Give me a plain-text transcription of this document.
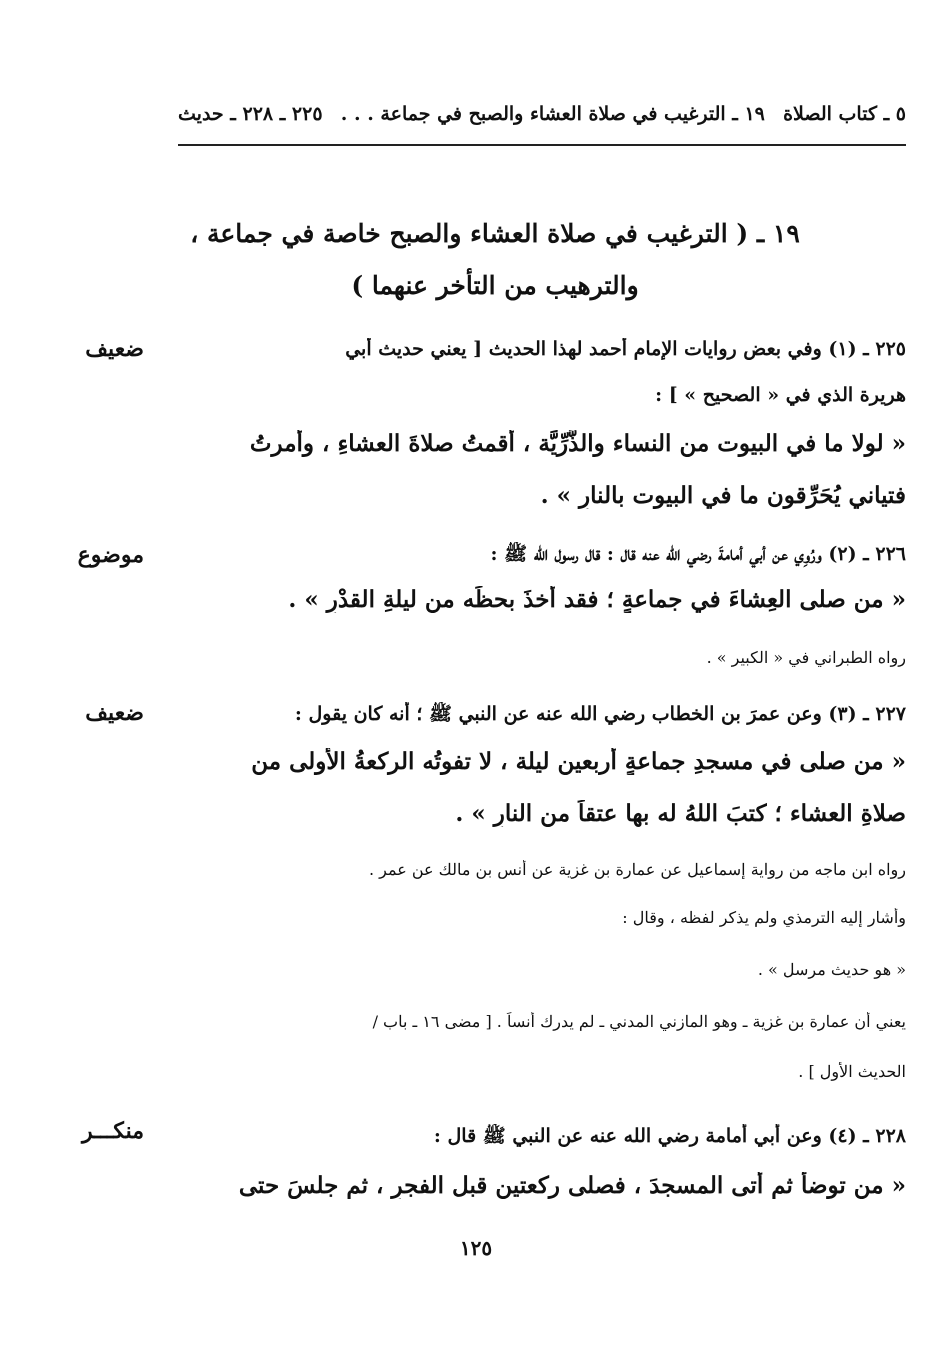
٥ ـ كتاب الصلاة
١٩ ـ الترغيب في صلاة العشاء والصبح في جماعة . . .
٢٢٥ ـ ٢٢٨ ـ حديث
١٩ ـ ( الترغيب في صلاة العشاء والصبح خاصة في جماعة ،
والترهيب من التأخر عنهما )
ضعيف	٢٢٥ ـ (١) وفي بعض روايات الإمام أحمد لهذا الحديث [ يعني حديث أبي
هريرة الذي في « الصحيح » ] :
« لولا ما في البيوت من النساء والذُّرِّيَّة ، أَقمتُ صلاةَ العشاءِ ، وأمرتُ
فتياني يُحَرِّقون ما في البيوت بالنارِ » .
موضوع	٢٢٦ ـ (٢) ورُوِي عن أبي أمامةَ رضي الله عنه قال : قال رسول الله ﷺ :
« من صلى العِشاءَ في جماعةٍ ؛ فقد أخذَ بحظِّه من ليلةِ القدْرِ » .
رواه الطبراني في « الكبير » .
ضعيف	٢٢٧ ـ (٣) وعن عمرَ بن الخطاب رضي الله عنه عن النبي ﷺ ؛ أنه كان يقول :
« من صلى في مسجدِ جماعةٍ أربعين ليلة ، لا تفوتُه الركعةُ الأولى من
صلاةِ العشاء ؛ كتبَ اللهُ له بها عتقاً من النارِ » .
رواه ابن ماجه من رواية إسماعيل عن عمارة بن غزية عن أنس بن مالك عن عمر .
وأشار إليه الترمذي ولم يذكر لفظه ، وقال :
« هو حديث مرسل » .
يعني أن عمارة بن غزية ـ وهو المازني المدني ـ لم يدرك أنساً . [ مضى ١٦ ـ باب /
الحديث الأول ] .
منكـــر	٢٢٨ ـ (٤) وعن أبي أمامة رضي الله عنه عن النبي ﷺ قال :
« من توضأَ ثم أتى المسجدَ ، فصلى ركعتين قبل الفجرِ ، ثم جلسَ حتى
١٢٥
